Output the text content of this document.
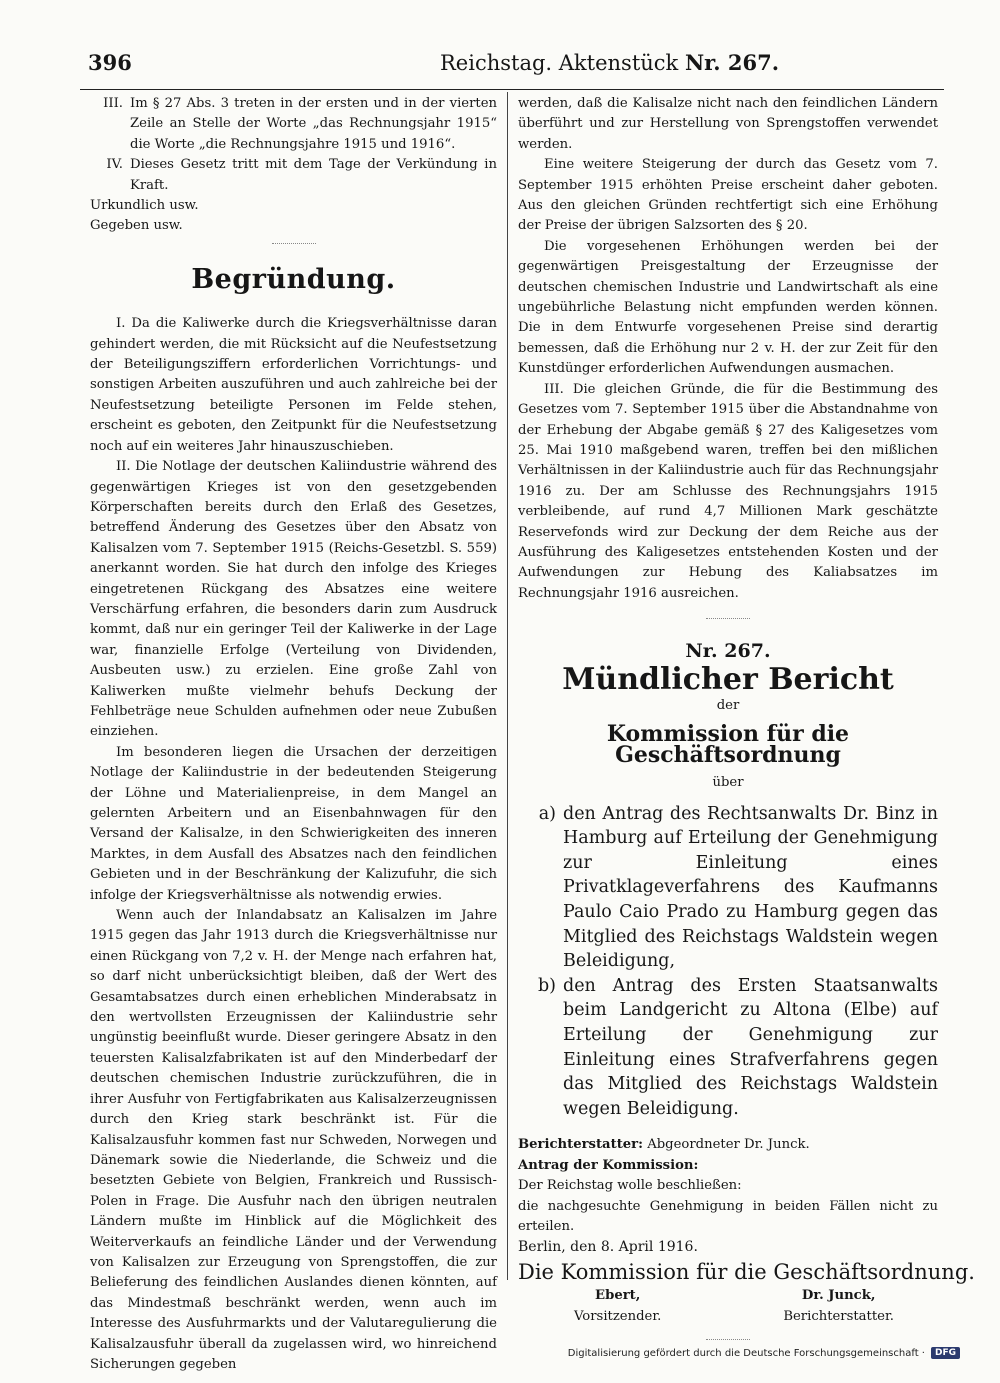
396	Reichstag. Aktenstück Nr. 267.
III. Im § 27 Abs. 3 treten in der ersten und in der vierten Zeile an Stelle der Worte „das Rechnungsjahr 1915“ die Worte „die Rechnungsjahre 1915 und 1916“.
IV. Dieses Gesetz tritt mit dem Tage der Verkündung in Kraft.

Urkundlich usw.

Gegeben usw.

Begründung.

I. Da die Kaliwerke durch die Kriegsverhältnisse daran gehindert werden, die mit Rücksicht auf die Neufestsetzung der Beteiligungsziffern erforderlichen Vorrichtungs- und sonstigen Arbeiten auszuführen und auch zahlreiche bei der Neufestsetzung beteiligte Personen im Felde stehen, erscheint es geboten, den Zeitpunkt für die Neufestsetzung noch auf ein weiteres Jahr hinauszuschieben.

II. Die Notlage der deutschen Kaliindustrie während des gegenwärtigen Krieges ist von den gesetzgebenden Körperschaften bereits durch den Erlaß des Gesetzes, betreffend Änderung des Gesetzes über den Absatz von Kalisalzen vom 7. September 1915 (Reichs-Gesetzbl. S. 559) anerkannt worden. Sie hat durch den infolge des Krieges eingetretenen Rückgang des Absatzes eine weitere Verschärfung erfahren, die besonders darin zum Ausdruck kommt, daß nur ein geringer Teil der Kaliwerke in der Lage war, finanzielle Erfolge (Verteilung von Dividenden, Ausbeuten usw.) zu erzielen. Eine große Zahl von Kaliwerken mußte vielmehr behufs Deckung der Fehlbeträge neue Schulden aufnehmen oder neue Zubußen einziehen.

Im besonderen liegen die Ursachen der derzeitigen Notlage der Kaliindustrie in der bedeutenden Steigerung der Löhne und Materialienpreise, in dem Mangel an gelernten Arbeitern und an Eisenbahnwagen für den Versand der Kalisalze, in den Schwierigkeiten des inneren Marktes, in dem Ausfall des Absatzes nach den feindlichen Gebieten und in der Beschränkung der Kalizufuhr, die sich infolge der Kriegsverhältnisse als notwendig erwies.

Wenn auch der Inlandabsatz an Kalisalzen im Jahre 1915 gegen das Jahr 1913 durch die Kriegsverhältnisse nur einen Rückgang von 7,2 v. H. der Menge nach erfahren hat, so darf nicht unberücksichtigt bleiben, daß der Wert des Gesamtabsatzes durch einen erheblichen Minderabsatz in den wertvollsten Erzeugnissen der Kaliindustrie sehr ungünstig beeinflußt wurde. Dieser geringere Absatz in den teuersten Kalisalzfabrikaten ist auf den Minderbedarf der deutschen chemischen Industrie zurückzuführen, die in ihrer Ausfuhr von Fertigfabrikaten aus Kalisalzerzeugnissen durch den Krieg stark beschränkt ist. Für die Kalisalzausfuhr kommen fast nur Schweden, Norwegen und Dänemark sowie die Niederlande, die Schweiz und die besetzten Gebiete von Belgien, Frankreich und Russisch-Polen in Frage. Die Ausfuhr nach den übrigen neutralen Ländern mußte im Hinblick auf die Möglichkeit des Weiterverkaufs an feindliche Länder und der Verwendung von Kalisalzen zur Erzeugung von Sprengstoffen, die zur Belieferung des feindlichen Auslandes dienen könnten, auf das Mindestmaß beschränkt werden, wenn auch im Interesse des Ausfuhrmarkts und der Valutaregulierung die Kalisalzausfuhr überall da zugelassen wird, wo hinreichend Sicherungen gegeben

werden, daß die Kalisalze nicht nach den feindlichen Ländern überführt und zur Herstellung von Sprengstoffen verwendet werden.

Eine weitere Steigerung der durch das Gesetz vom 7. September 1915 erhöhten Preise erscheint daher geboten. Aus den gleichen Gründen rechtfertigt sich eine Erhöhung der Preise der übrigen Salzsorten des § 20.

Die vorgesehenen Erhöhungen werden bei der gegenwärtigen Preisgestaltung der Erzeugnisse der deutschen chemischen Industrie und Landwirtschaft als eine ungebührliche Belastung nicht empfunden werden können. Die in dem Entwurfe vorgesehenen Preise sind derartig bemessen, daß die Erhöhung nur 2 v. H. der zur Zeit für den Kunstdünger erforderlichen Aufwendungen ausmachen.

III. Die gleichen Gründe, die für die Bestimmung des Gesetzes vom 7. September 1915 über die Abstandnahme von der Erhebung der Abgabe gemäß § 27 des Kaligesetzes vom 25. Mai 1910 maßgebend waren, treffen bei den mißlichen Verhältnissen in der Kaliindustrie auch für das Rechnungsjahr 1916 zu. Der am Schlusse des Rechnungsjahrs 1915 verbleibende, auf rund 4,7 Millionen Mark geschätzte Reservefonds wird zur Deckung der dem Reiche aus der Ausführung des Kaligesetzes entstehenden Kosten und der Aufwendungen zur Hebung des Kaliabsatzes im Rechnungsjahr 1916 ausreichen.

Nr. 267.
Mündlicher Bericht
der
Kommission für die Geschäftsordnung
über
a) den Antrag des Rechtsanwalts Dr. Binz in Hamburg auf Erteilung der Genehmigung zur Einleitung eines Privatklageverfahrens des Kaufmanns Paulo Caio Prado zu Hamburg gegen das Mitglied des Reichstags Waldstein wegen Beleidigung,
b) den Antrag des Ersten Staatsanwalts beim Landgericht zu Altona (Elbe) auf Erteilung der Genehmigung zur Einleitung eines Strafverfahrens gegen das Mitglied des Reichstags Waldstein wegen Beleidigung.

Berichterstatter: Abgeordneter Dr. Junck.

Antrag der Kommission:

Der Reichstag wolle beschließen:

die nachgesuchte Genehmigung in beiden Fällen nicht zu erteilen.

Berlin, den 8. April 1916.

Die Kommission für die Geschäftsordnung.
Ebert,
Vorsitzender.
Dr. Junck,
Berichterstatter.
Digitalisierung gefördert durch die Deutsche Forschungsgemeinschaft ·	DFG
